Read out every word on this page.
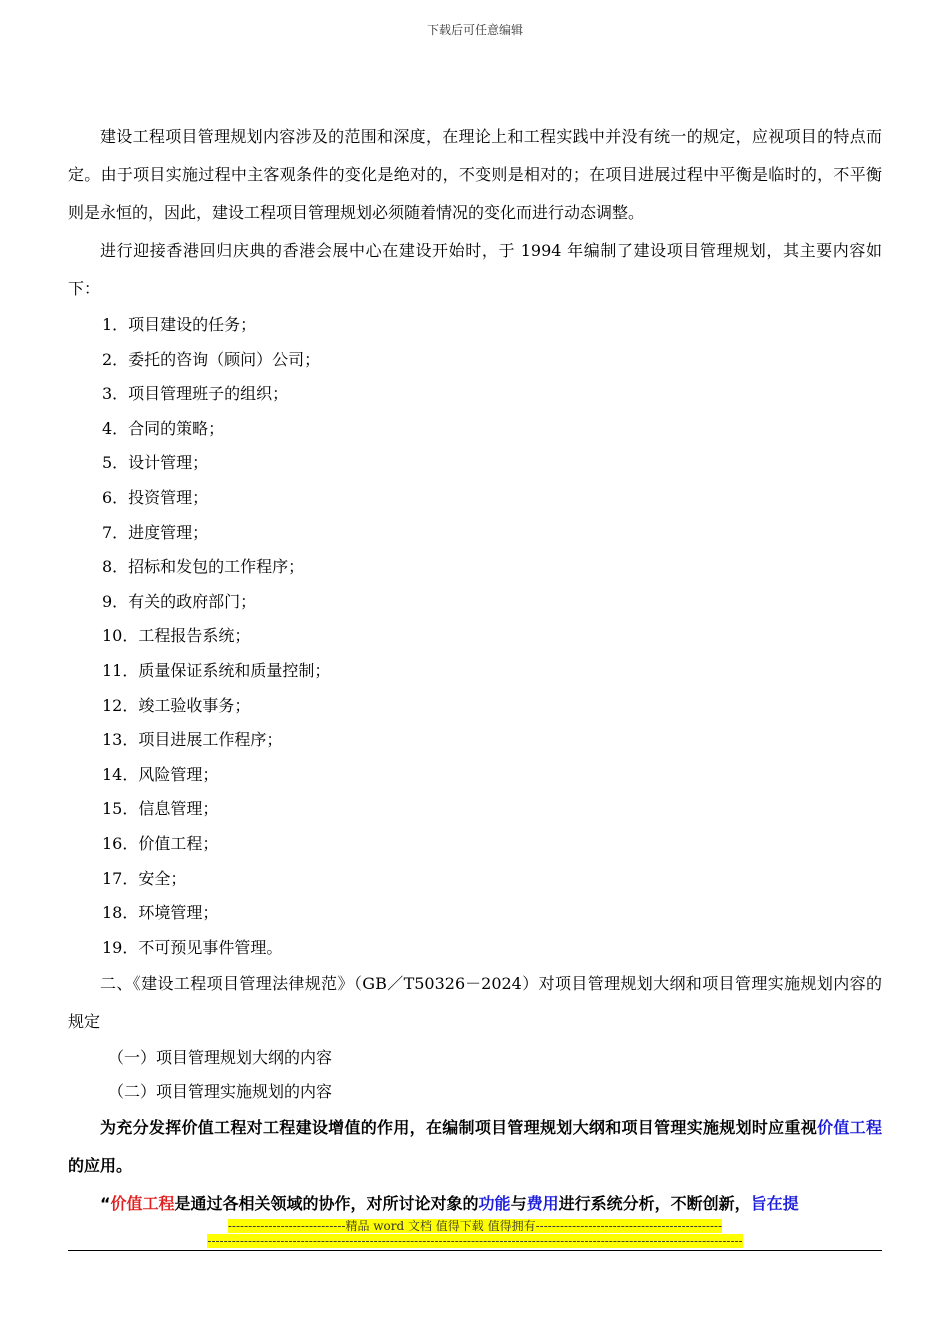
下载后可任意编辑

建设工程项目管理规划内容涉及的范围和深度，在理论上和工程实践中并没有统一的规定，应视项目的特点而定。由于项目实施过程中主客观条件的变化是绝对的，不变则是相对的；在项目进展过程中平衡是临时的，不平衡则是永恒的，因此，建设工程项目管理规划必须随着情况的变化而进行动态调整。

进行迎接香港回归庆典的香港会展中心在建设开始时，于 1994 年编制了建设项目管理规划，其主要内容如下：

1．项目建设的任务；
2．委托的咨询（顾问）公司；
3．项目管理班子的组织；
4．合同的策略；
5．设计管理；
6．投资管理；
7．进度管理；
8．招标和发包的工作程序；
9．有关的政府部门；
10．工程报告系统；
11．质量保证系统和质量控制；
12．竣工验收事务；
13．项目进展工作程序；
14．风险管理；
15．信息管理；
16．价值工程；
17．安全；
18．环境管理；
19．不可预见事件管理。

二、《建设工程项目管理法律规范》（GB／T50326－2024）对项目管理规划大纲和项目管理实施规划内容的规定

（一）项目管理规划大纲的内容

（二）项目管理实施规划的内容

为充分发挥价值工程对工程建设增值的作用，在编制项目管理规划大纲和项目管理实施规划时应重视价值工程的应用。

“价值工程是通过各相关领域的协作，对所讨论对象的功能与费用进行系统分析，不断创新，旨在提

-----------------------------精品 word 文档 值得下载 值得拥有----------------------------------------------
------------------------------------------------------------------------------------------------------------------------------------
